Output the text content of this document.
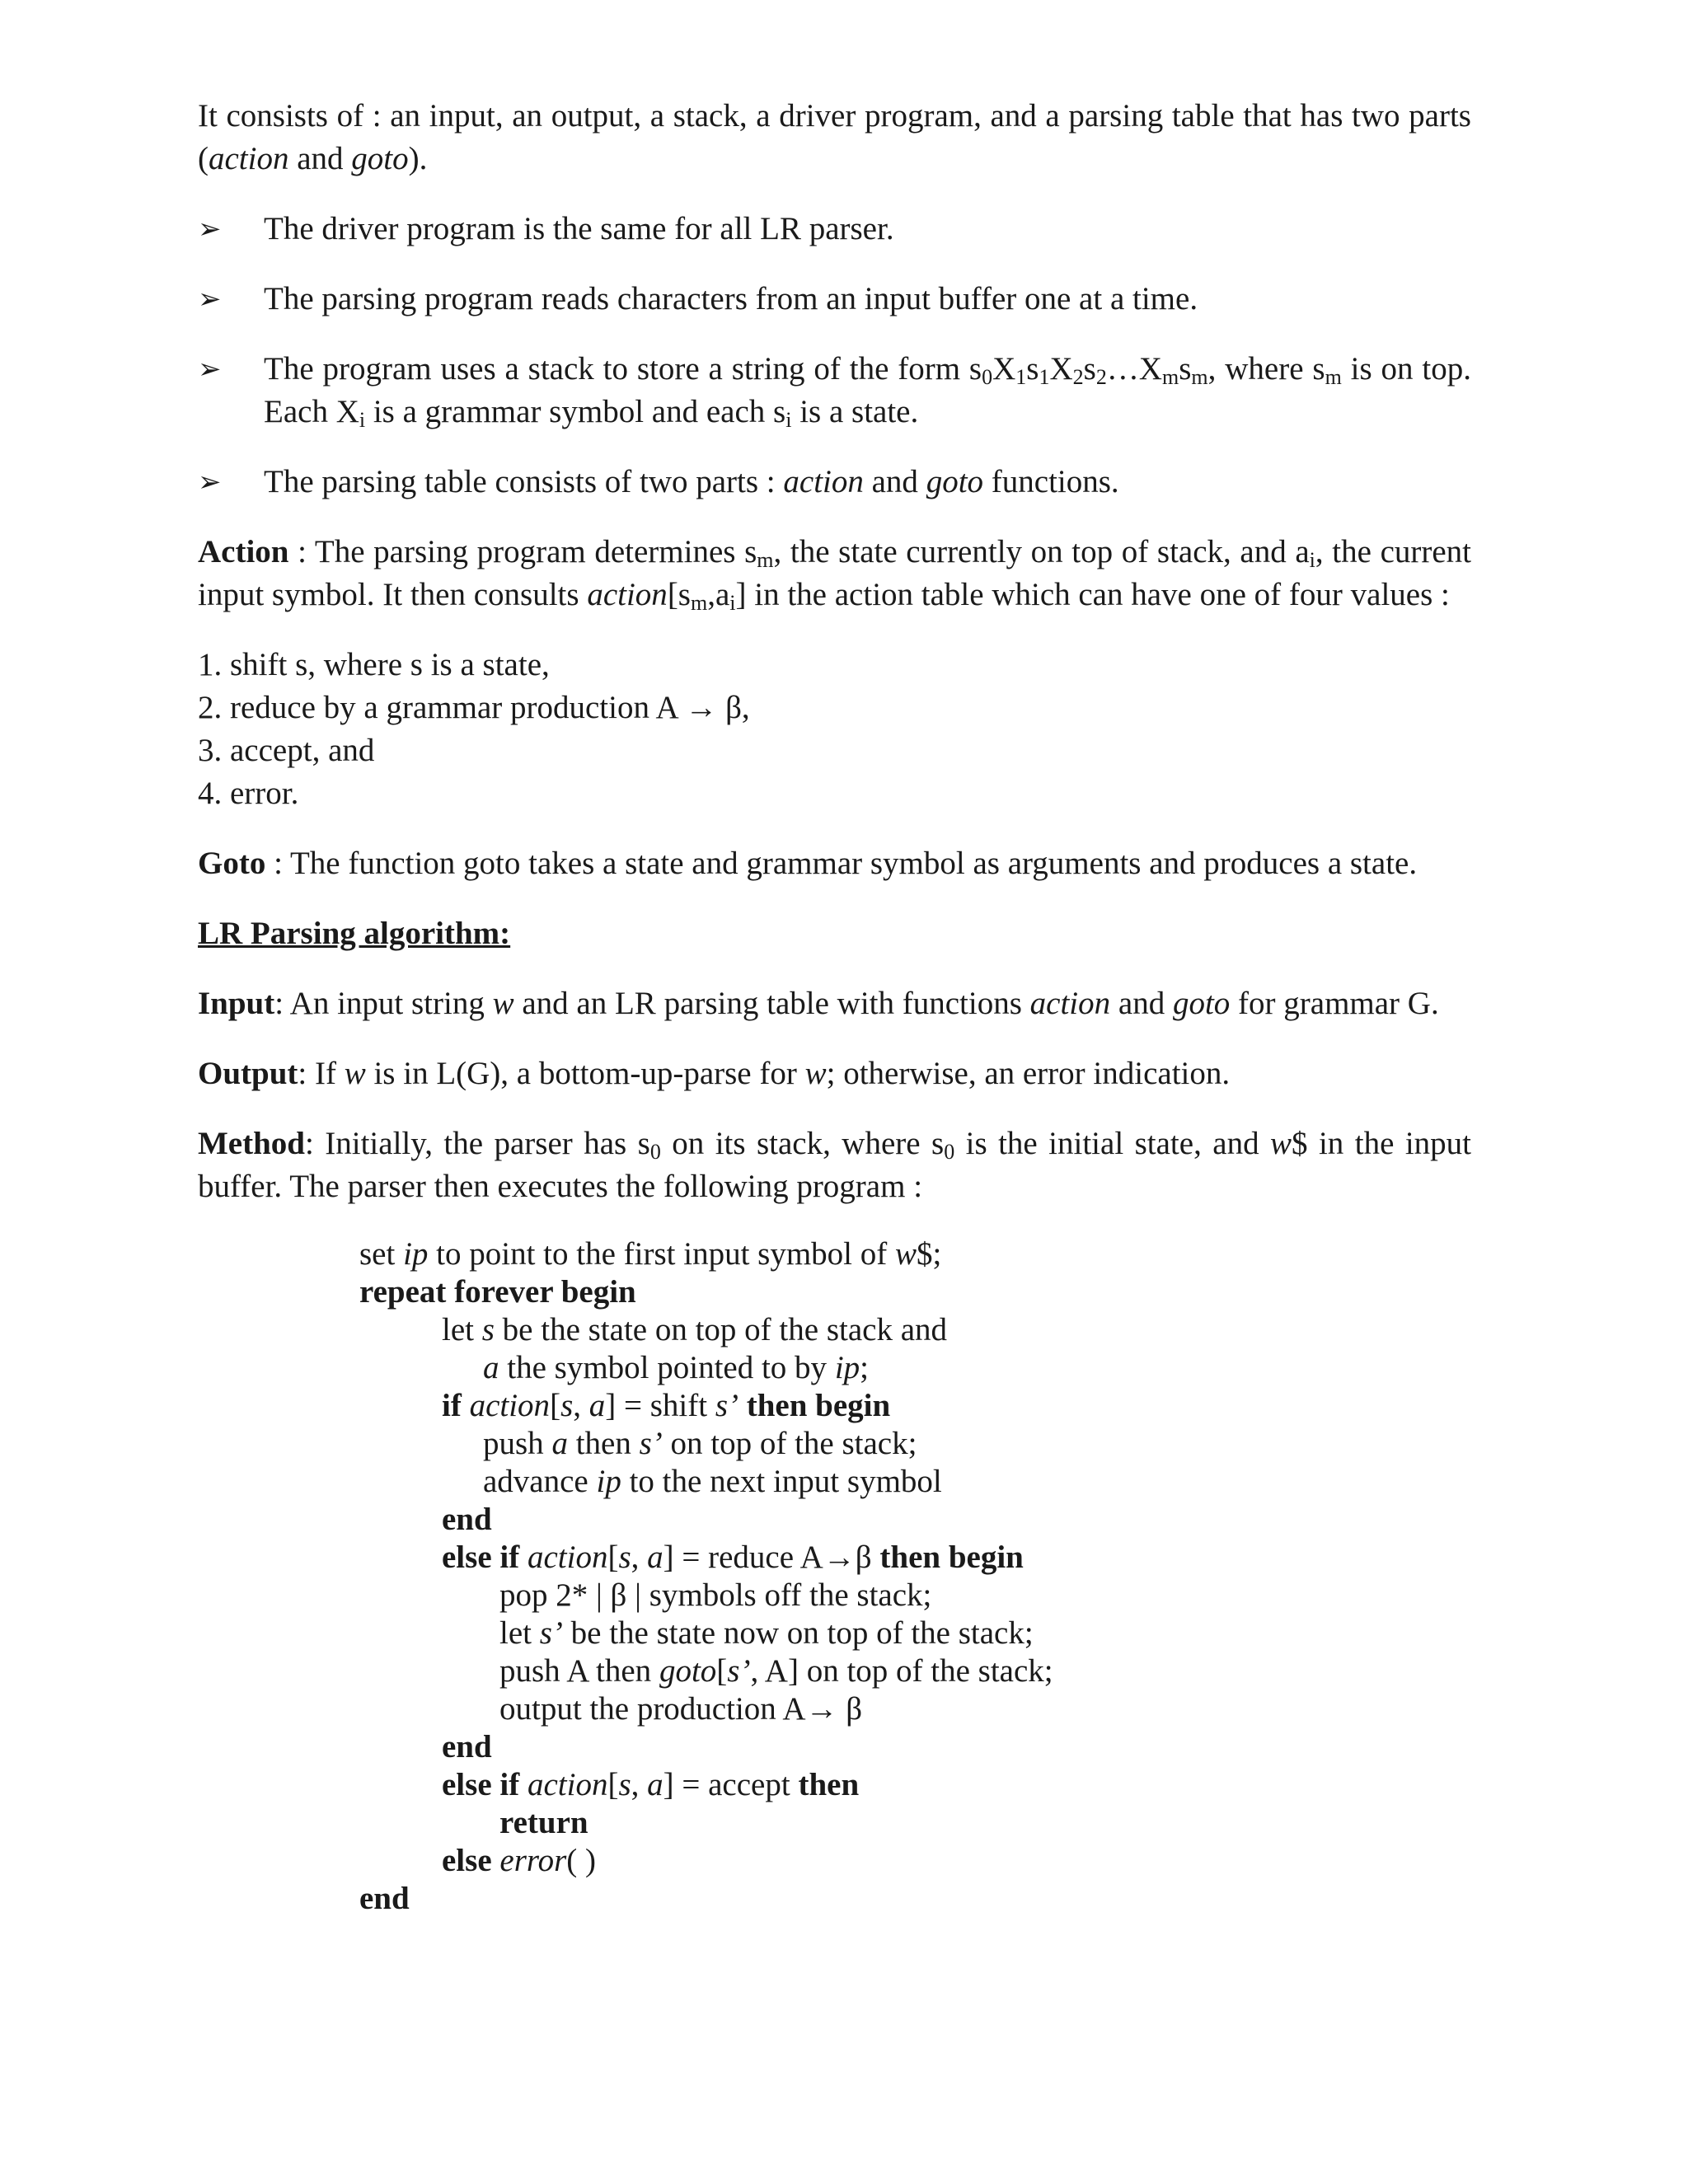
It consists of : an input, an output, a stack, a driver program, and a parsing table that has two parts (action and goto).

➢ The driver program is the same for all LR parser.
➢ The parsing program reads characters from an input buffer one at a time.
➢ The program uses a stack to store a string of the form $s_0X_1s_1X_2s_2\dots X_ms_m$, where $s_m$ is on top. Each $X_i$ is a grammar symbol and each $s_i$ is a state.
➢ The parsing table consists of two parts : action and goto functions.

Action : The parsing program determines $s_m$, the state currently on top of stack, and $a_i$, the current input symbol. It then consults $action[s_m,a_i]$ in the action table which can have one of four values :

1. shift s, where s is a state,
2. reduce by a grammar production A → β,
3. accept, and
4. error.

Goto : The function goto takes a state and grammar symbol as arguments and produces a state.

LR Parsing algorithm:

Input: An input string w and an LR parsing table with functions action and goto for grammar G.

Output: If w is in L(G), a bottom-up-parse for w; otherwise, an error indication.

Method: Initially, the parser has $s_0$ on its stack, where $s_0$ is the initial state, and w$ in the input buffer. The parser then executes the following program :

set ip to point to the first input symbol of w$;
repeat forever begin
let s be the state on top of the stack and
a the symbol pointed to by ip;
if action[s, a] = shift s’ then begin
push a then s’ on top of the stack;
advance ip to the next input symbol
end
else if action[s, a] = reduce A→β then begin
pop 2* | β | symbols off the stack;
let s’ be the state now on top of the stack;
push A then goto[s’, A] on top of the stack;
output the production A→ β
end
else if action[s, a] = accept then
return
else error( )
end
